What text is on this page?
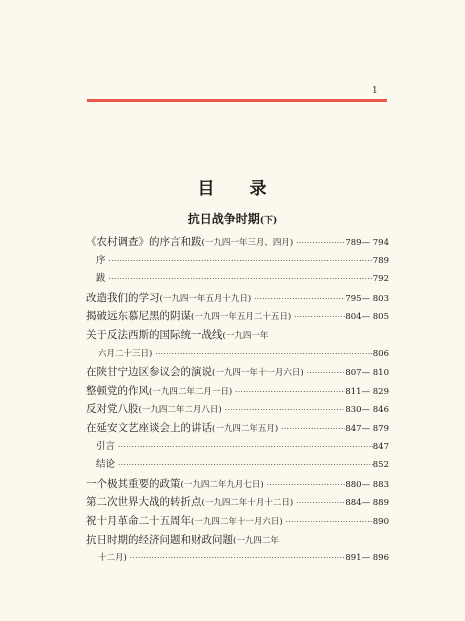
1
目 录
抗日战争时期(下)
《农村调查》的序言和跋 (一九四一年三月、四月) ·····	789— 794
序 ·····	789
跋 ·····	792
改造我们的学习 (一九四一年五月十九日) ·····	795— 803
揭破远东慕尼黑的阴谋 (一九四一年五月二十五日) ·····	804— 805
关于反法西斯的国际统一战线 (一九四一年
六月二十三日) ·····	806
在陕甘宁边区参议会的演说 (一九四一年十一月六日) ·····	807— 810
整顿党的作风 (一九四二年二月一日) ·····	811— 829
反对党八股 (一九四二年二月八日) ·····	830— 846
在延安文艺座谈会上的讲话 (一九四二年五月) ·····	847— 879
引言 ·····	847
结论 ·····	852
一个极其重要的政策 (一九四二年九月七日) ·····	880— 883
第二次世界大战的转折点 (一九四二年十月十二日) ·····	884— 889
祝十月革命二十五周年 (一九四二年十一月六日) ·····	890
抗日时期的经济问题和财政问题 (一九四二年
十二月) ·····	891— 896
